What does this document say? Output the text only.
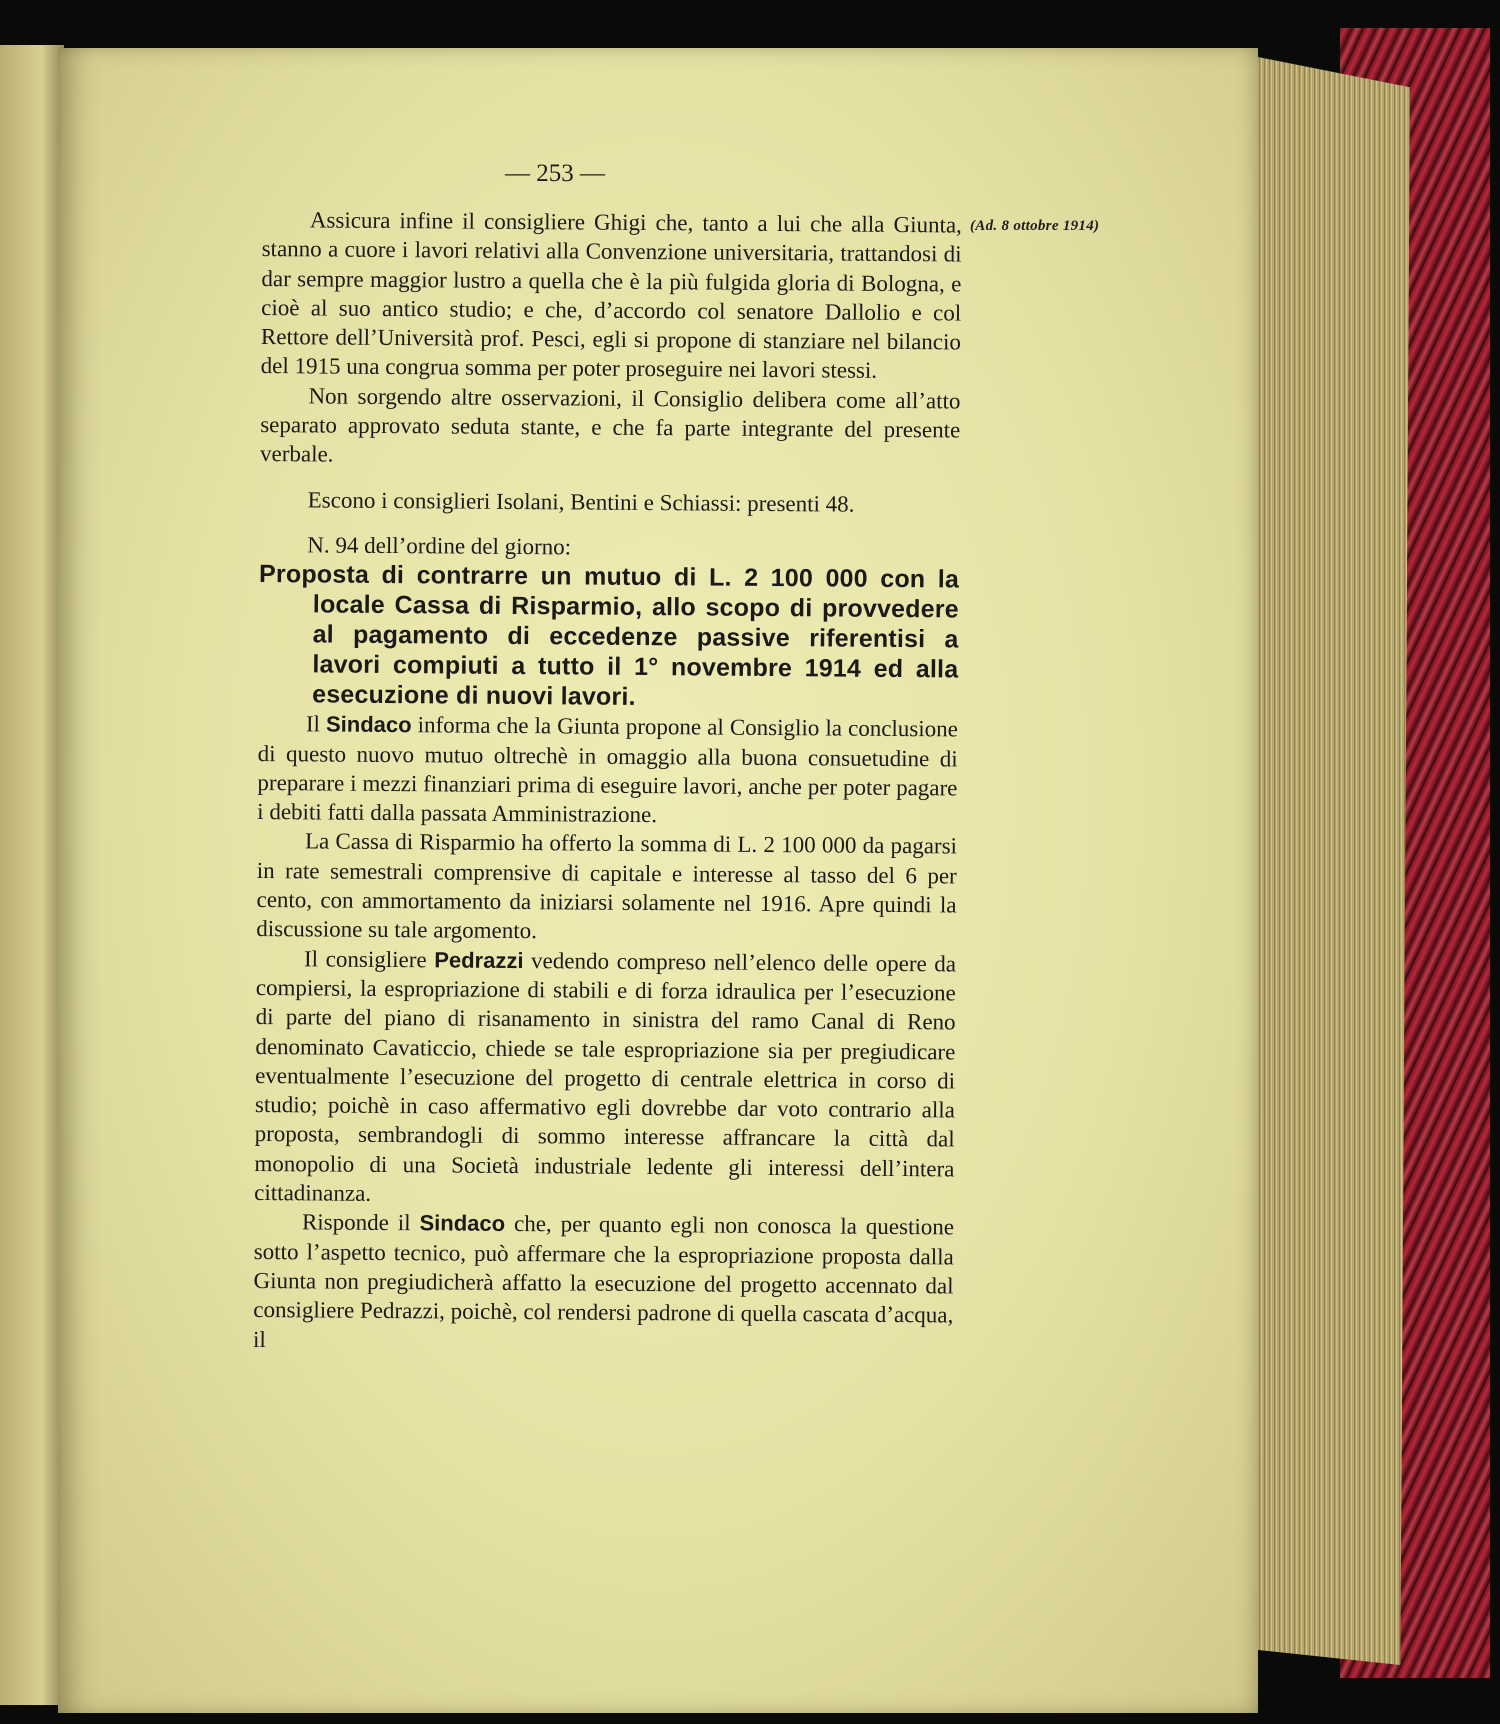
— 253 —
(Ad. 8 ottobre 1914)

Assicura infine il consigliere Ghigi che, tanto a lui che alla Giunta, stanno a cuore i lavori relativi alla Convenzione universitaria, trattandosi di dar sempre maggior lustro a quella che è la più fulgida gloria di Bologna, e cioè al suo antico studio; e che, d’accordo col senatore Dallolio e col Rettore dell’Università prof. Pesci, egli si propone di stanziare nel bilancio del 1915 una congrua somma per poter proseguire nei lavori stessi.

Non sorgendo altre osservazioni, il Consiglio delibera come all’atto separato approvato seduta stante, e che fa parte integrante del presente verbale.

Escono i consiglieri Isolani, Bentini e Schiassi: presenti 48.

N. 94 dell’ordine del giorno:

Proposta di contrarre un mutuo di L. 2 100 000 con la locale Cassa di Risparmio, allo scopo di provvedere al pagamento di eccedenze passive riferentisi a lavori compiuti a tutto il 1° novembre 1914 ed alla esecuzione di nuovi lavori.

Il Sindaco informa che la Giunta propone al Consiglio la conclusione di questo nuovo mutuo oltrechè in omaggio alla buona consuetudine di preparare i mezzi finanziari prima di eseguire lavori, anche per poter pagare i debiti fatti dalla passata Amministrazione.

La Cassa di Risparmio ha offerto la somma di L. 2 100 000 da pagarsi in rate semestrali comprensive di capitale e interesse al tasso del 6 per cento, con ammortamento da iniziarsi solamente nel 1916. Apre quindi la discussione su tale argomento.

Il consigliere Pedrazzi vedendo compreso nell’elenco delle opere da compiersi, la espropriazione di stabili e di forza idraulica per l’esecuzione di parte del piano di risanamento in sinistra del ramo Canal di Reno denominato Cavaticcio, chiede se tale espropriazione sia per pregiudicare eventualmente l’esecuzione del progetto di centrale elettrica in corso di studio; poichè in caso affermativo egli dovrebbe dar voto contrario alla proposta, sembrandogli di sommo interesse affrancare la città dal monopolio di una Società industriale ledente gli interessi dell’intera cittadinanza.

Risponde il Sindaco che, per quanto egli non conosca la questione sotto l’aspetto tecnico, può affermare che la espropriazione proposta dalla Giunta non pregiudicherà affatto la esecuzione del progetto accennato dal consigliere Pedrazzi, poichè, col rendersi padrone di quella cascata d’acqua, il
